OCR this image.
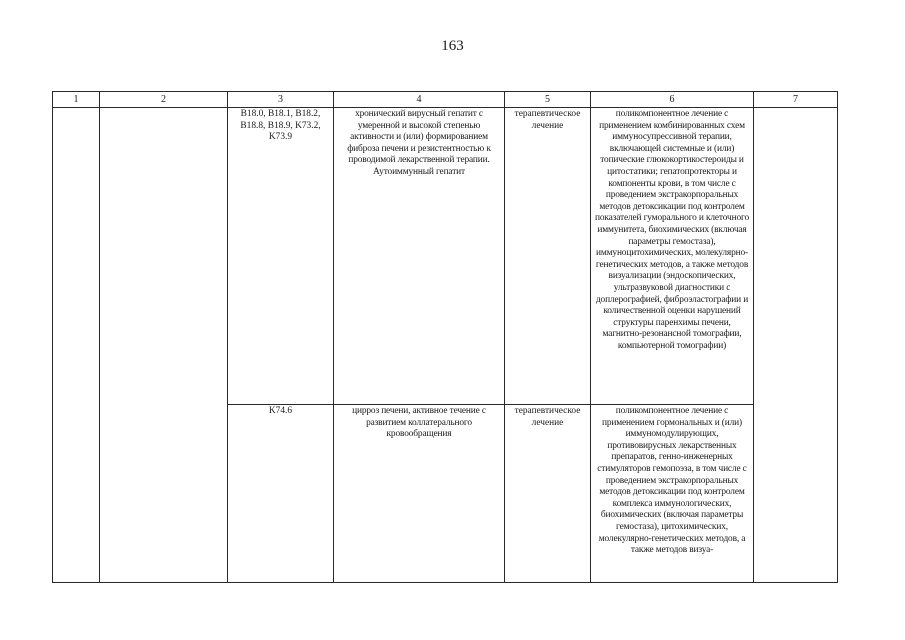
163
1	2	3	4	5	6	7

		B18.0, B18.1, B18.2, B18.8, B18.9, K73.2, K73.9	хронический вирусный гепатит с умеренной и высокой степенью активности и (или) формированием фиброза печени и резистентностью к проводимой лекарственной терапии. Аутоиммунный гепатит	терапевтическое лечение	поликомпонентное лечение с применением комбинированных схем иммуносупрессивной терапии, включающей системные и (или) топические глюкокортикостероиды и цитостатики; гепатопротекторы и компоненты крови, в том числе с проведением экстракорпоральных методов детоксикации под контролем показателей гуморального и клеточного иммунитета, биохимических (включая параметры гемостаза), иммуноцитохимических, молекулярно-генетических методов, а также методов визуализации (эндоскопических, ультразвуковой диагностики с доплерографией, фиброэластографии и количественной оценки нарушений структуры паренхимы печени, магнитно-резонансной томографии, компьютерной томографии)	

		K74.6	цирроз печени, активное течение с развитием коллатерального кровообращения	терапевтическое лечение	поликомпонентное лечение с применением гормональных и (или) иммуномодулирующих, противовирусных лекарственных препаратов, генно-инженерных стимуляторов гемопоэза, в том числе с проведением экстракорпоральных методов детоксикации под контролем комплекса иммунологических, биохимических (включая параметры гемостаза), цитохимических, молекулярно-генетических методов, а также методов визуа-	
